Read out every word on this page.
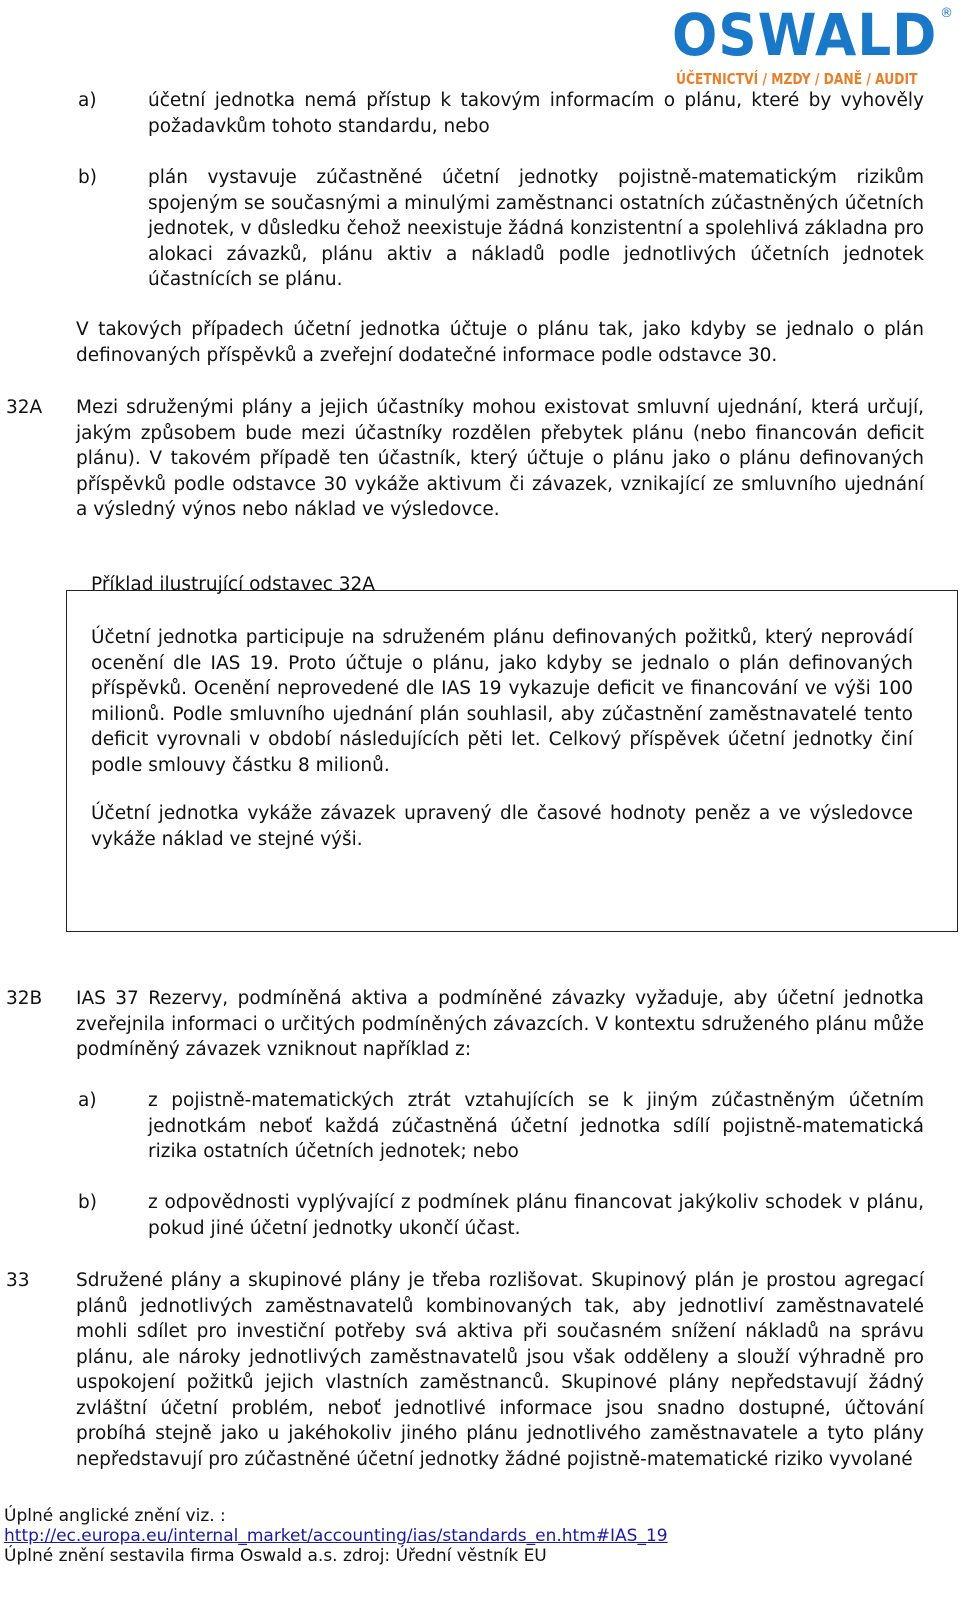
OSWALD ®
ÚČETNICTVÍ / MZDY / DANĚ / AUDIT
a)	účetní jednotka nemá přístup k takovým informacím o plánu, které by vyhověly požadavkům tohoto standardu, nebo

b)	plán vystavuje zúčastněné účetní jednotky pojistně-matematickým rizikům spojeným se současnými a minulými zaměstnanci ostatních zúčastněných účetních jednotek, v důsledku čehož neexistuje žádná konzistentní a spolehlivá základna pro alokaci závazků, plánu aktiv a nákladů podle jednotlivých účetních jednotek účastnících se plánu.

V takových případech účetní jednotka účtuje o plánu tak, jako kdyby se jednalo o plán definovaných příspěvků a zveřejní dodatečné informace podle odstavce 30.

32A Mezi sdruženými plány a jejich účastníky mohou existovat smluvní ujednání, která určují, jakým způsobem bude mezi účastníky rozdělen přebytek plánu (nebo financován deficit plánu). V takovém případě ten účastník, který účtuje o plánu jako o plánu definovaných příspěvků podle odstavce 30 vykáže aktivum či závazek, vznikající ze smluvního ujednání a výsledný výnos nebo náklad ve výsledovce.

Příklad ilustrující odstavec 32A

Účetní jednotka participuje na sdruženém plánu definovaných požitků, který neprovádí ocenění dle IAS 19. Proto účtuje o plánu, jako kdyby se jednalo o plán definovaných příspěvků. Ocenění neprovedené dle IAS 19 vykazuje deficit ve financování ve výši 100 milionů. Podle smluvního ujednání plán souhlasil, aby zúčastnění zaměstnavatelé tento deficit vyrovnali v období následujících pěti let. Celkový příspěvek účetní jednotky činí podle smlouvy částku 8 milionů.

Účetní jednotka vykáže závazek upravený dle časové hodnoty peněz a ve výsledovce vykáže náklad ve stejné výši.

32B IAS 37 Rezervy, podmíněná aktiva a podmíněné závazky vyžaduje, aby účetní jednotka zveřejnila informaci o určitých podmíněných závazcích. V kontextu sdruženého plánu může podmíněný závazek vzniknout například z:

a)	z pojistně-matematických ztrát vztahujících se k jiným zúčastněným účetním jednotkám neboť každá zúčastněná účetní jednotka sdílí pojistně-matematická rizika ostatních účetních jednotek; nebo

b)	z odpovědnosti vyplývající z podmínek plánu financovat jakýkoliv schodek v plánu, pokud jiné účetní jednotky ukončí účast.

33	Sdružené plány a skupinové plány je třeba rozlišovat. Skupinový plán je prostou agregací plánů jednotlivých zaměstnavatelů kombinovaných tak, aby jednotliví zaměstnavatelé mohli sdílet pro investiční potřeby svá aktiva při současném snížení nákladů na správu plánu, ale nároky jednotlivých zaměstnavatelů jsou však odděleny a slouží výhradně pro uspokojení požitků jejich vlastních zaměstnanců. Skupinové plány nepředstavují žádný zvláštní účetní problém, neboť jednotlivé informace jsou snadno dostupné, účtování probíhá stejně jako u jakéhokoliv jiného plánu jednotlivého zaměstnavatele a tyto plány nepředstavují pro zúčastněné účetní jednotky žádné pojistně-matematické riziko vyvolané

Úplné anglické znění viz. :
http://ec.europa.eu/internal_market/accounting/ias/standards_en.htm#IAS_19
Úplné znění sestavila firma Oswald a.s. zdroj: Úřední věstník EU
